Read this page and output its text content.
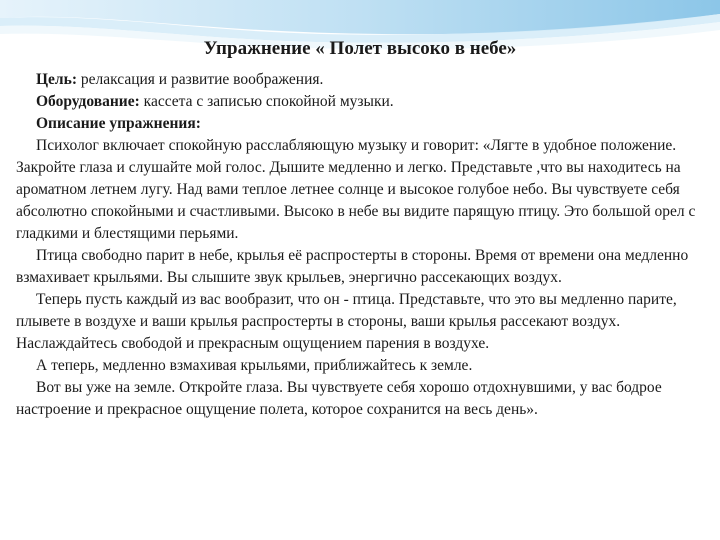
Упражнение « Полет высоко в небе»

Цель: релаксация и развитие воображения.

Оборудование: кассета с записью спокойной музыки.

Описание упражнения:

Психолог включает спокойную расслабляющую музыку и говорит: «Лягте в удобное положение. Закройте глаза и слушайте мой голос. Дышите медленно и легко. Представьте ,что вы находитесь на ароматном летнем лугу. Над вами теплое летнее солнце и высокое голубое небо. Вы чувствуете себя абсолютно спокойными и счастливыми. Высоко в небе вы видите парящую птицу. Это большой орел с гладкими и блестящими перьями.

Птица свободно парит в небе, крылья её распростерты в стороны. Время от времени она медленно взмахивает крыльями. Вы слышите звук крыльев, энергично рассекающих воздух.

Теперь пусть каждый из вас вообразит, что он - птица. Представьте, что это вы медленно парите, плывете в воздухе и ваши крылья распростерты в стороны, ваши крылья рассекают воздух. Наслаждайтесь свободой и прекрасным ощущением парения в воздухе.

А теперь, медленно взмахивая крыльями, приближайтесь к земле.

Вот вы уже на земле. Откройте глаза. Вы чувствуете себя хорошо отдохнувшими, у вас бодрое настроение и прекрасное ощущение полета, которое сохранится на весь день».
